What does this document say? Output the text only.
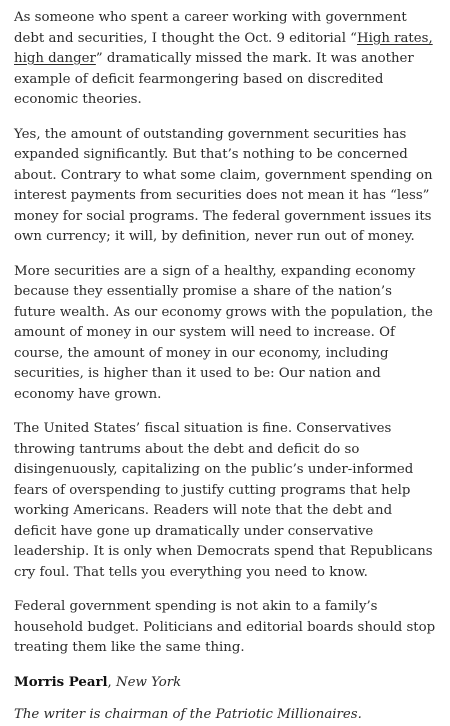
As someone who spent a career working with government debt and securities, I thought the Oct. 9 editorial “High rates, high danger” dramatically missed the mark. It was another example of deficit fearmongering based on discredited economic theories.

Yes, the amount of outstanding government securities has expanded significantly. But that’s nothing to be concerned about. Contrary to what some claim, government spending on interest payments from securities does not mean it has “less” money for social programs. The federal government issues its own currency; it will, by definition, never run out of money.

More securities are a sign of a healthy, expanding economy because they essentially promise a share of the nation’s future wealth. As our economy grows with the population, the amount of money in our system will need to increase. Of course, the amount of money in our economy, including securities, is higher than it used to be: Our nation and economy have grown.

The United States’ fiscal situation is fine. Conservatives throwing tantrums about the debt and deficit do so disingenuously, capitalizing on the public’s under-informed fears of overspending to justify cutting programs that help working Americans. Readers will note that the debt and deficit have gone up dramatically under conservative leadership. It is only when Democrats spend that Republicans cry foul. That tells you everything you need to know.

Federal government spending is not akin to a family’s household budget. Politicians and editorial boards should stop treating them like the same thing.

Morris Pearl, New York

The writer is chairman of the Patriotic Millionaires.
